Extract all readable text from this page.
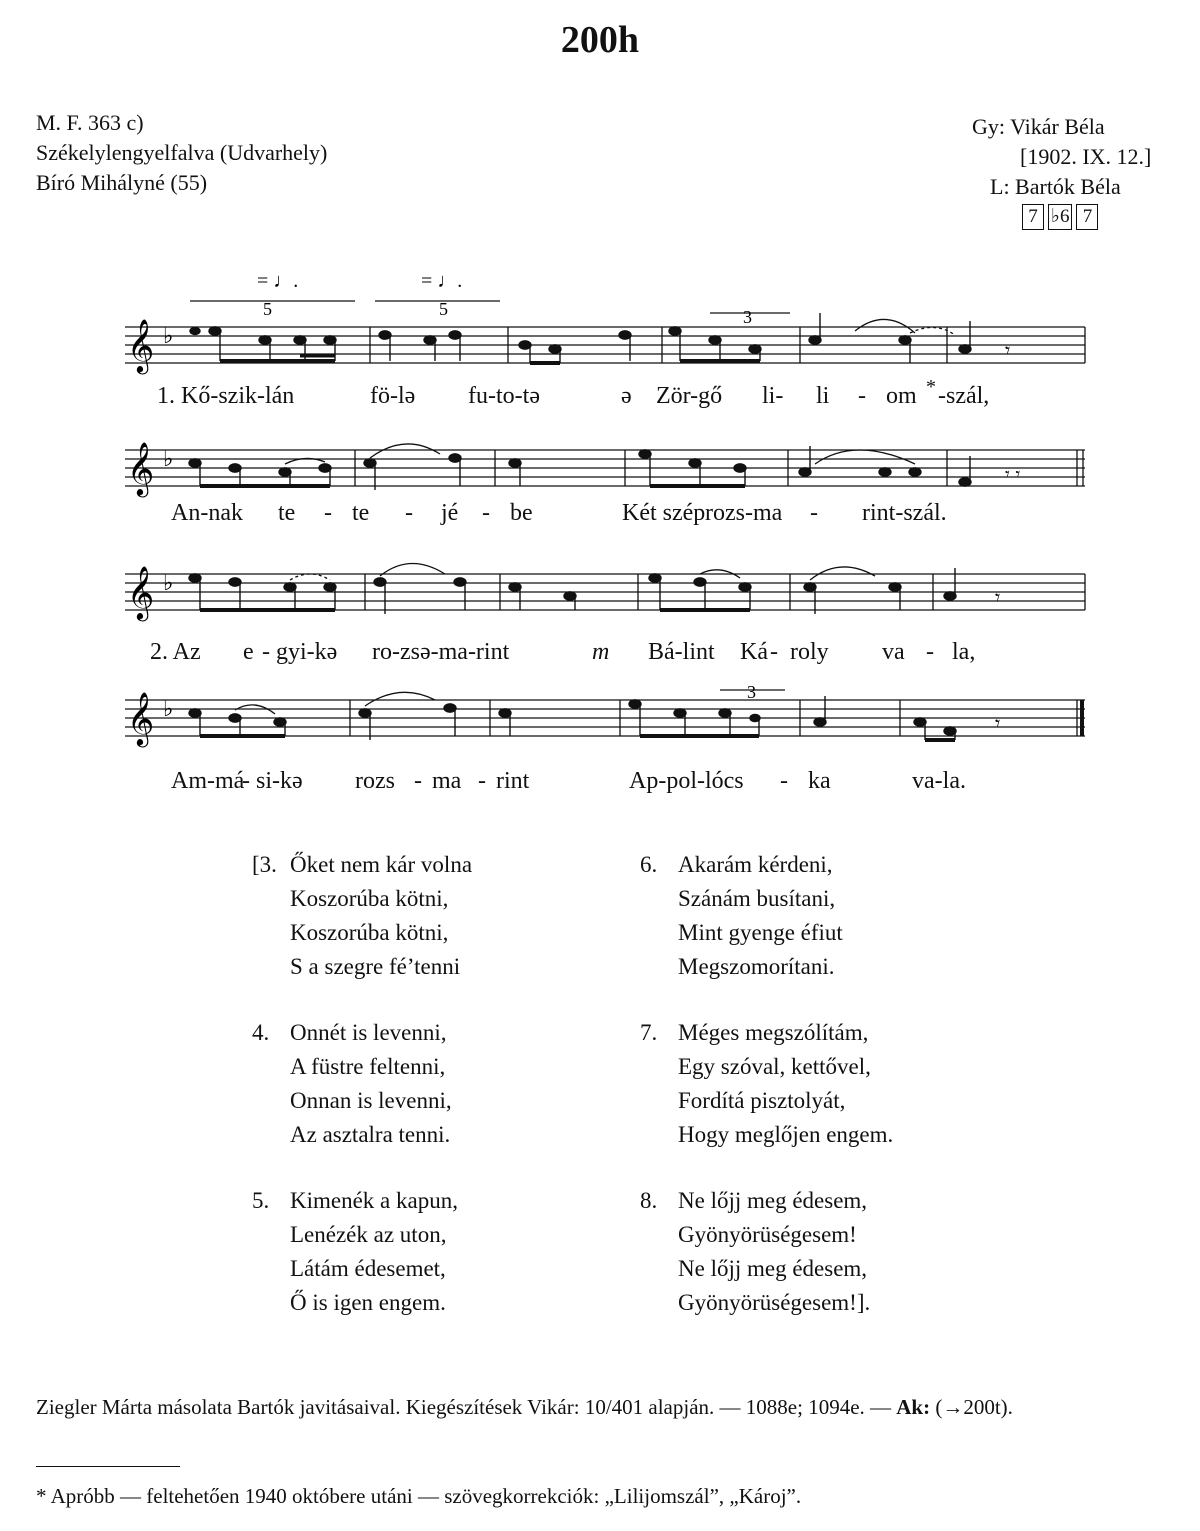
200h
M. F. 363 c)
Székelylengyelfalva (Udvarhely)
Bíró Mihályné (55)
Gy: Vikár Béla
[1902. IX. 12.]
L: Bartók Béla
7 ♭6 7
𝄞 ♭
𝄾
5	5	3
= ♩.	= ♩.
𝄞 ♭
𝄾 𝄾
𝄞 ♭
𝄾
𝄞 ♭
𝄾
3
1. Kő-szik-lán	fö-lə fu-to-tə	ə Zör-gő li- li - om * -szál,
An-nak te - te - jé - be	Két szép rozs-ma - rint-szál.
2. Az e - gyi-kə ro-zsə-ma-rint	m Bá-lint Ká - roly va - la,
Am-má
- si-kə rozs - ma - rint	Ap-pol-lócs - ka	va-la.
[3. Őket nem kár volna
Koszorúba kötni,
Koszorúba kötni,
S a szegre fé’tenni
4. Onnét is levenni,
A füstre feltenni,
Onnan is levenni,
Az asztalra tenni.
5. Kimenék a kapun,
Lenézék az uton,
Látám édesemet,
Ő is igen engem.
6. Akarám kérdeni,
Szánám busítani,
Mint gyenge éfiut
Megszomorítani.
7. Méges megszólítám,
Egy szóval, kettővel,
Fordítá pisztolyát,
Hogy meglőjen engem.
8. Ne lőjj meg édesem,
Gyönyörüségesem!
Ne lőjj meg édesem,
Gyönyörüségesem!].
Ziegler Márta másolata Bartók javitásaival. Kiegészítések Vikár: 10/401 alapján. — 1088e; 1094e. — Ak: (→200t).
* Apróbb — feltehetően 1940 októbere utáni — szövegkorrekciók: „Lilijomszál”, „Károj”.
